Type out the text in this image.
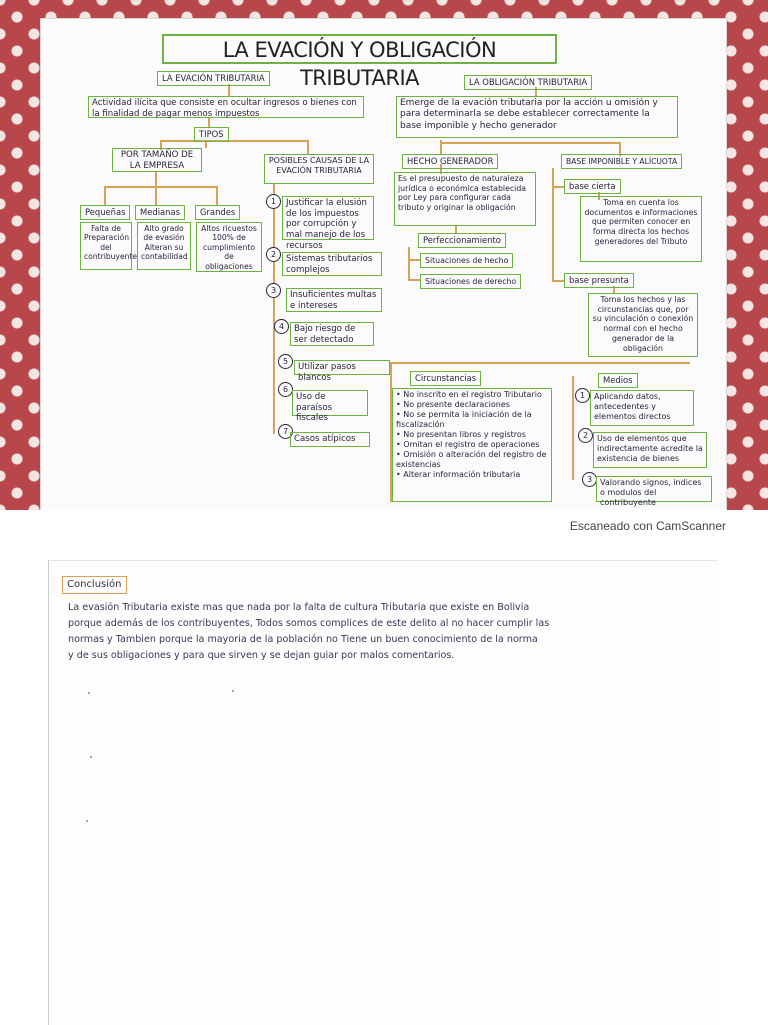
LA EVACIÓN Y OBLIGACIÓN TRIBUTARIA
LA EVACIÓN TRIBUTARIA
Actividad ilícita que consiste en ocultar ingresos o bienes con la finalidad de pagar menos impuestos
TIPOS
POR TAMAÑO DE LA EMPRESA
Pequeñas	Medianas	Grandes
Falta de Preparación del contribuyente
Alto grado de evasión Alteran su contabilidad
Altos ricuestos 100% de cumplimiento de obligaciones
POSIBLES CAUSAS DE LA EVACIÓN TRIBUTARIA
1	Justificar la elusión de los impuestos por corrupción y mal manejo de los recursos
2	Sistemas tributarios complejos
3	Insuficientes multas e intereses
4	Bajo riesgo de ser detectado
5
Utilizar pasos blancos
6
Uso de paraísos fiscales
7
Casos atípicos
LA OBLIGACIÓN TRIBUTARIA
Emerge de la evación tributaria por la acción u omisión y para determinarla se debe establecer correctamente la base imponible y hecho generador
HECHO GENERADOR
Es el presupuesto de naturaleza jurídica o económica establecida por Ley para configurar cada tributo y originar la obligación
Perfeccionamiento
Situaciones de hecho
Situaciones de derecho
BASE IMPONIBLE Y ALÍCUOTA
base cierta
Toma en cuenta los documentos e informaciones que permiten conocer en forma directa los hechos generadores del Tributo
base presunta
Toma los hechos y las circunstancias que, por su vinculación o conexión normal con el hecho generador de la obligación
Circunstancias
• No inscrito en el registro Tributario
• No presente declaraciones
• No se permita la iniciación de la fiscalización
• No presentan libros y registros
• Omitan el registro de operaciones
• Omisión o alteración del registro de existencias
• Alterar información tributaria
Medios
1	Aplicando datos, antecedentes y elementos directos
2	Uso de elementos que indirectamente acredite la existencia de bienes
3 Valorando signos, indices o modulos del contribuyente
Escaneado con CamScanner
Conclusión
La evasión Tributaria existe mas que nada por la falta de cultura Tributaria que existe en Bolivia
porque además de los contribuyentes, Todos somos complices de este delito al no hacer cumplir las
normas y Tambien porque la mayoria de la población no Tiene un buen conocimiento de la norma
y de sus obligaciones y para que sirven y se dejan guiar por malos comentarios.
